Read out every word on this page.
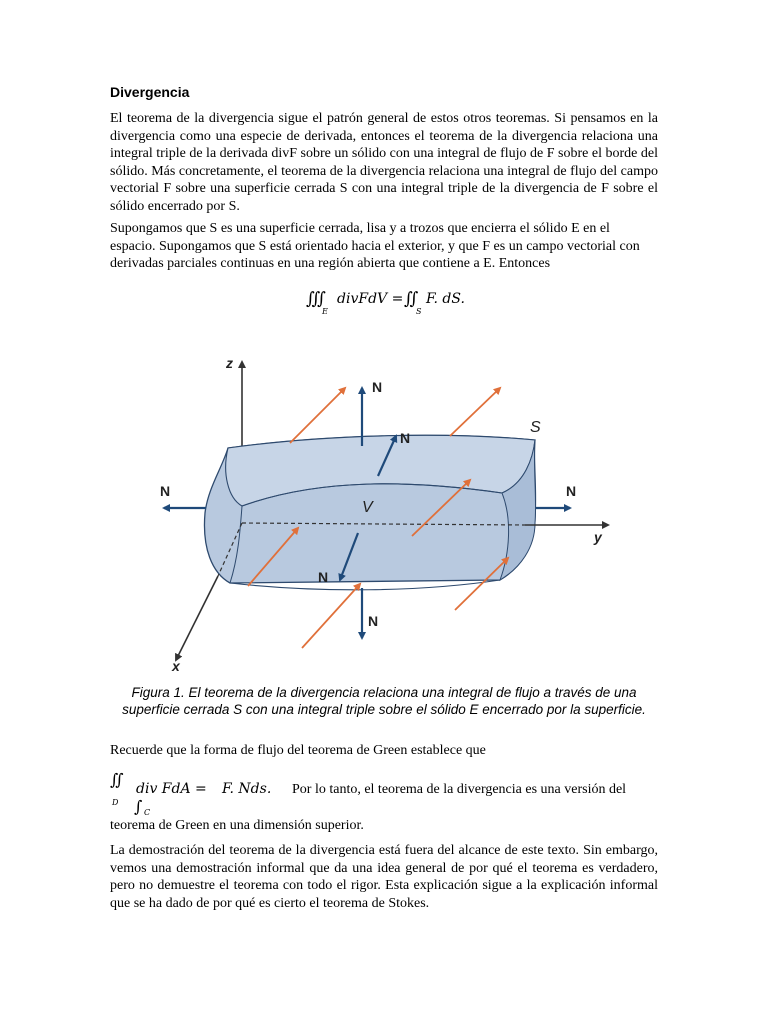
Divergencia

El teorema de la divergencia sigue el patrón general de estos otros teoremas. Si pensamos en la divergencia como una especie de derivada, entonces el teorema de la divergencia relaciona una integral triple de la derivada divF sobre un sólido con una integral de flujo de F sobre el borde del sólido. Más concretamente, el teorema de la divergencia relaciona una integral de flujo del campo vectorial F sobre una superficie cerrada S con una integral triple de la divergencia de F sobre el sólido encerrado por S.

Supongamos que S es una superficie cerrada, lisa y a trozos que encierra el sólido E en el espacio. Supongamos que S está orientado hacia el exterior, y que F es un campo vectorial con derivadas parciales continuas en una región abierta que contiene a E. Entonces

∭
E
divFdV = ∬
S
F. dS.
z
y
x
S
V
N
N
N	N
N
N

Figura 1. El teorema de la divergencia relaciona una integral de flujo a través de una superficie cerrada S con una integral triple sobre el sólido E encerrado por la superficie.

Recuerde que la forma de flujo del teorema de Green establece que
∬
D
div FdA =
∫ C
F. Nds. Por lo tanto, el teorema de la divergencia es una versión del
teorema de Green en una dimensión superior.

La demostración del teorema de la divergencia está fuera del alcance de este texto. Sin embargo, vemos una demostración informal que da una idea general de por qué el teorema es verdadero, pero no demuestre el teorema con todo el rigor. Esta explicación sigue a la explicación informal que se ha dado de por qué es cierto el teorema de Stokes.
